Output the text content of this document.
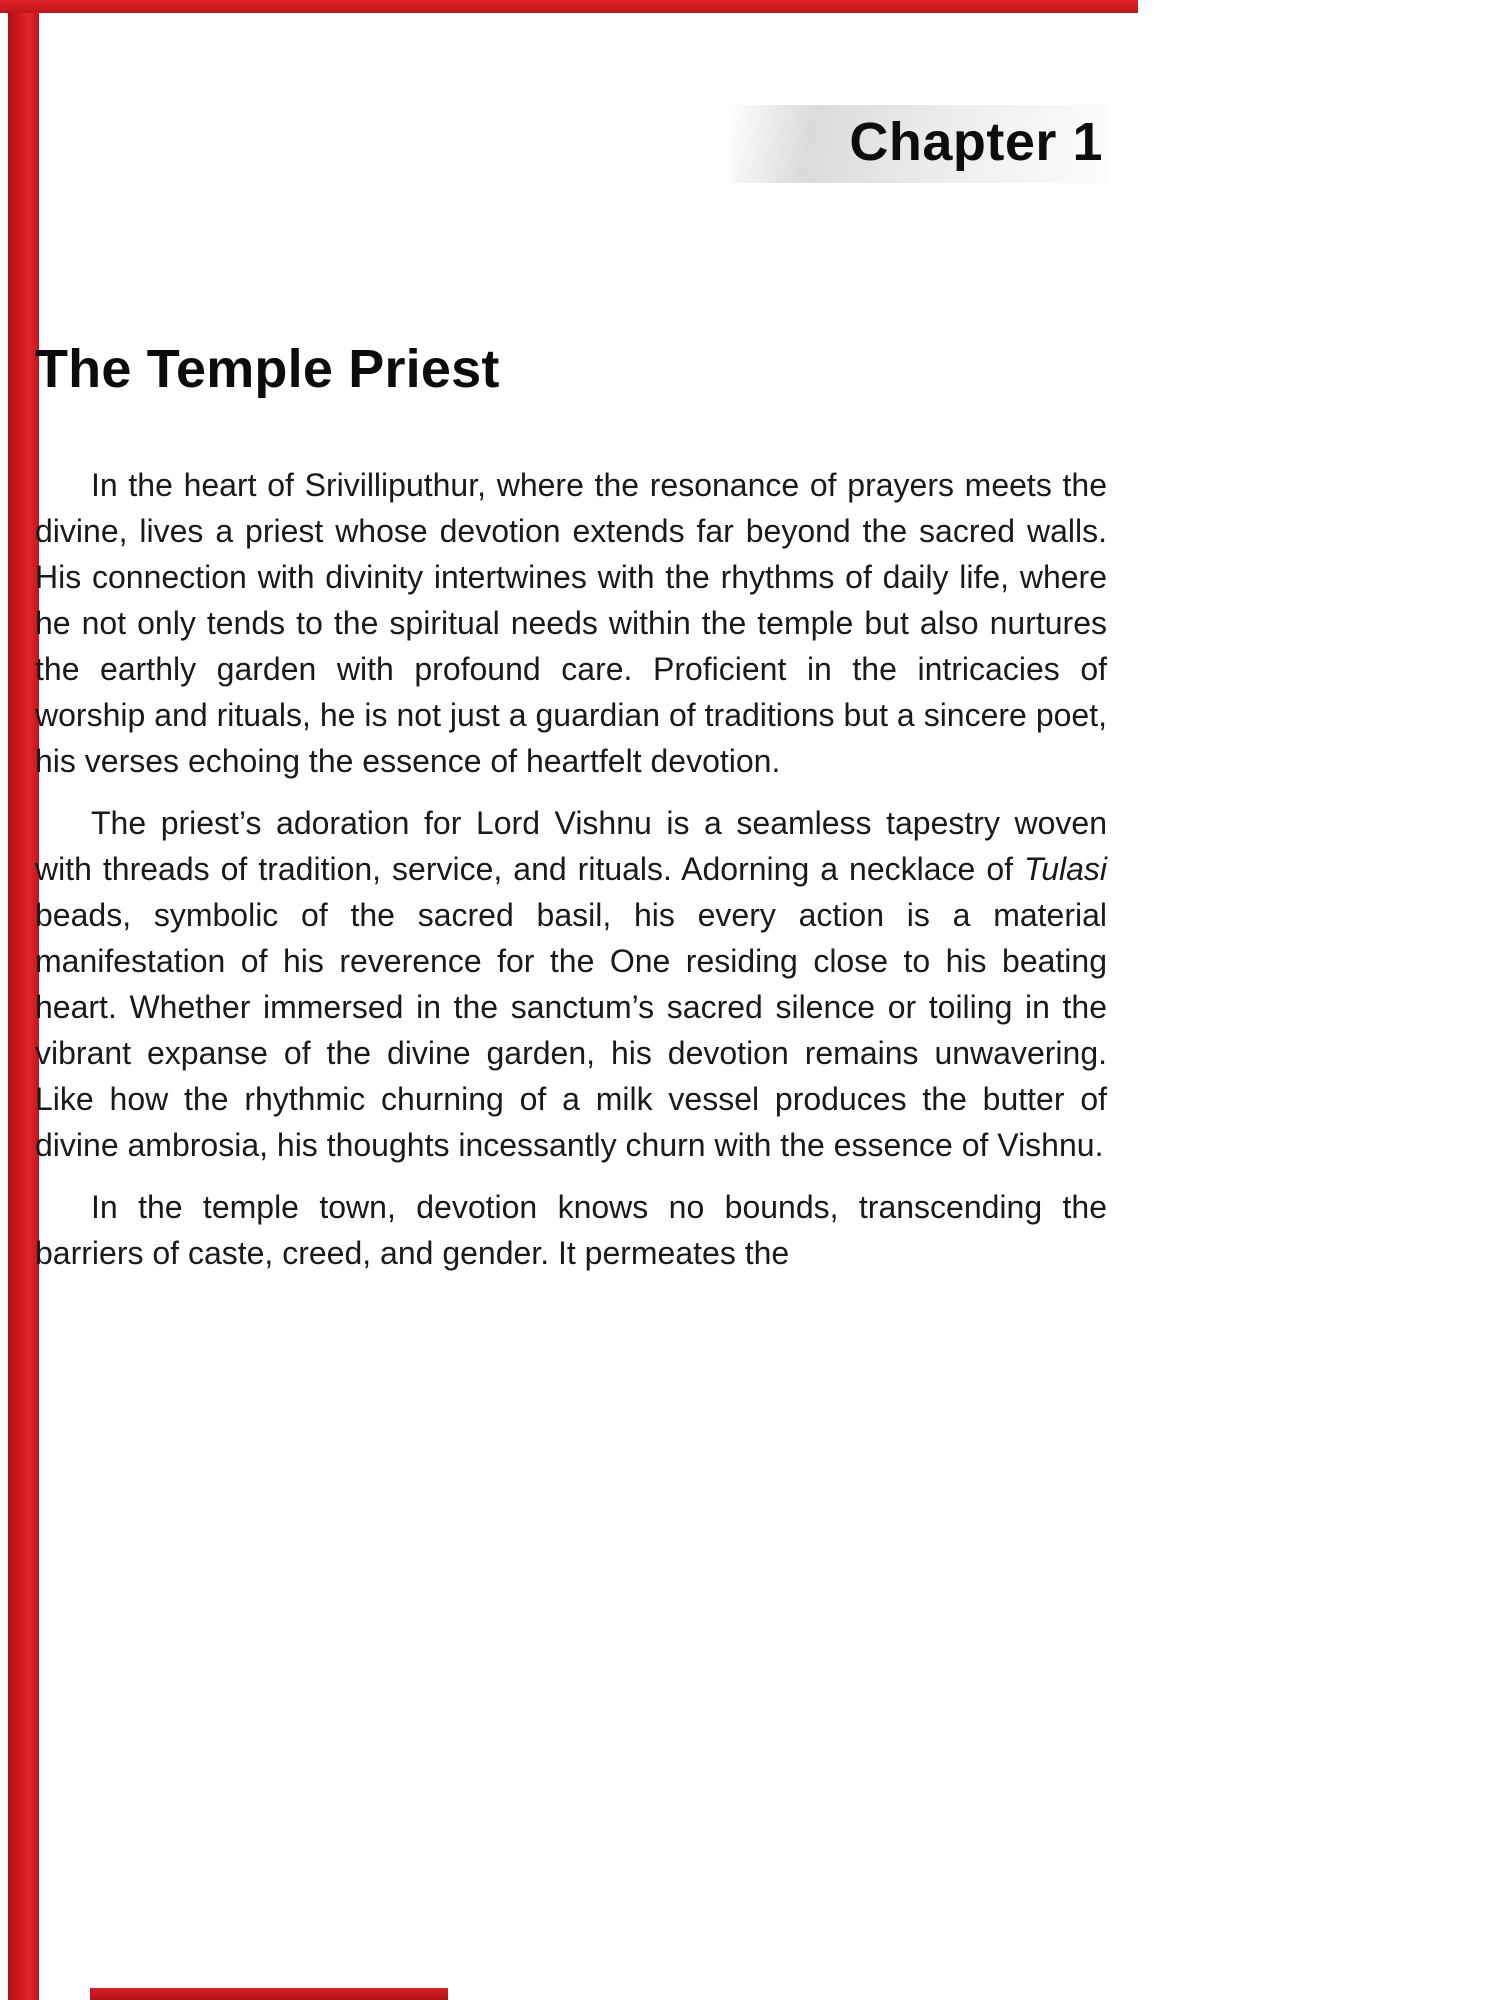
Chapter 1
The Temple Priest

In the heart of Srivilliputhur, where the resonance of prayers meets the divine, lives a priest whose devotion extends far beyond the sacred walls. His connection with divinity intertwines with the rhythms of daily life, where he not only tends to the spiritual needs within the temple but also nurtures the earthly garden with profound care. Proficient in the intricacies of worship and rituals, he is not just a guardian of traditions but a sincere poet, his verses echoing the essence of heartfelt devotion.

The priest’s adoration for Lord Vishnu is a seamless tapestry woven with threads of tradition, service, and rituals. Adorning a necklace of Tulasi beads, symbolic of the sacred basil, his every action is a material manifestation of his reverence for the One residing close to his beating heart. Whether immersed in the sanctum’s sacred silence or toiling in the vibrant expanse of the divine garden, his devotion remains unwavering. Like how the rhythmic churning of a milk vessel produces the butter of divine ambrosia, his thoughts incessantly churn with the essence of Vishnu.

In the temple town, devotion knows no bounds, transcending the barriers of caste, creed, and gender. It permeates the
